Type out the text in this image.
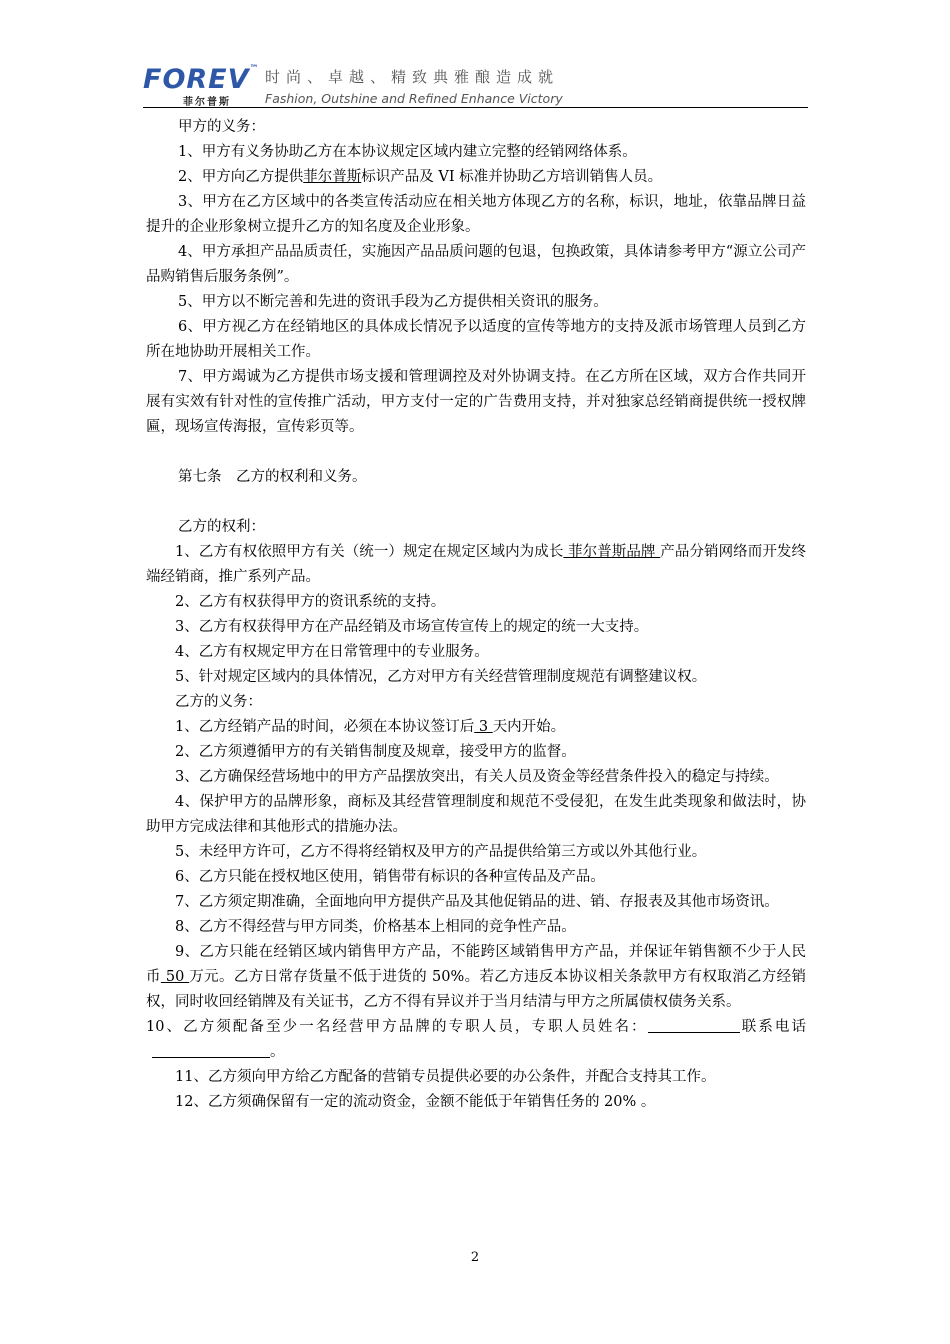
FOREV™ 时尚、卓越、精致典雅酿造成就
菲尔普斯	Fashion, Outshine and Refined Enhance Victory

甲方的义务：

1、甲方有义务协助乙方在本协议规定区域内建立完整的经销网络体系。

2、甲方向乙方提供菲尔普斯标识产品及 VI 标准并协助乙方培训销售人员。

3、甲方在乙方区域中的各类宣传活动应在相关地方体现乙方的名称，标识，地址，依靠品牌日益提升的企业形象树立提升乙方的知名度及企业形象。

4、甲方承担产品品质责任，实施因产品品质问题的包退，包换政策，具体请参考甲方“源立公司产品购销售后服务条例”。

5、甲方以不断完善和先进的资讯手段为乙方提供相关资讯的服务。

6、甲方视乙方在经销地区的具体成长情况予以适度的宣传等地方的支持及派市场管理人员到乙方所在地协助开展相关工作。

7、甲方竭诚为乙方提供市场支援和管理调控及对外协调支持。在乙方所在区域，双方合作共同开展有实效有针对性的宣传推广活动，甲方支付一定的广告费用支持，并对独家总经销商提供统一授权牌匾，现场宣传海报，宣传彩页等。

第七条　乙方的权利和义务。

乙方的权利：

1、乙方有权依照甲方有关（统一）规定在规定区域内为成长 菲尔普斯品牌 产品分销网络而开发终端经销商，推广系列产品。

2、乙方有权获得甲方的资讯系统的支持。

3、乙方有权获得甲方在产品经销及市场宣传宣传上的规定的统一大支持。

4、乙方有权规定甲方在日常管理中的专业服务。

5、针对规定区域内的具体情况，乙方对甲方有关经营管理制度规范有调整建议权。

乙方的义务：

1、乙方经销产品的时间，必须在本协议签订后 3 天内开始。

2、乙方须遵循甲方的有关销售制度及规章，接受甲方的监督。

3、乙方确保经营场地中的甲方产品摆放突出，有关人员及资金等经营条件投入的稳定与持续。

4、保护甲方的品牌形象，商标及其经营管理制度和规范不受侵犯，在发生此类现象和做法时，协助甲方完成法律和其他形式的措施办法。

5、未经甲方许可，乙方不得将经销权及甲方的产品提供给第三方或以外其他行业。

6、乙方只能在授权地区使用，销售带有标识的各种宣传品及产品。

7、乙方须定期准确，全面地向甲方提供产品及其他促销品的进、销、存报表及其他市场资讯。

8、乙方不得经营与甲方同类，价格基本上相同的竞争性产品。

9、乙方只能在经销区域内销售甲方产品，不能跨区域销售甲方产品，并保证年销售额不少于人民币 50 万元。乙方日常存货量不低于进货的 50%。若乙方违反本协议相关条款甲方有权取消乙方经销权，同时收回经销牌及有关证书，乙方不得有异议并于当月结清与甲方之所属债权债务关系。

10、乙方须配备至少一名经营甲方品牌的专职人员，专职人员姓名：	联系电话。

11、乙方须向甲方给乙方配备的营销专员提供必要的办公条件，并配合支持其工作。

12、乙方须确保留有一定的流动资金，金额不能低于年销售任务的 20% 。

2
